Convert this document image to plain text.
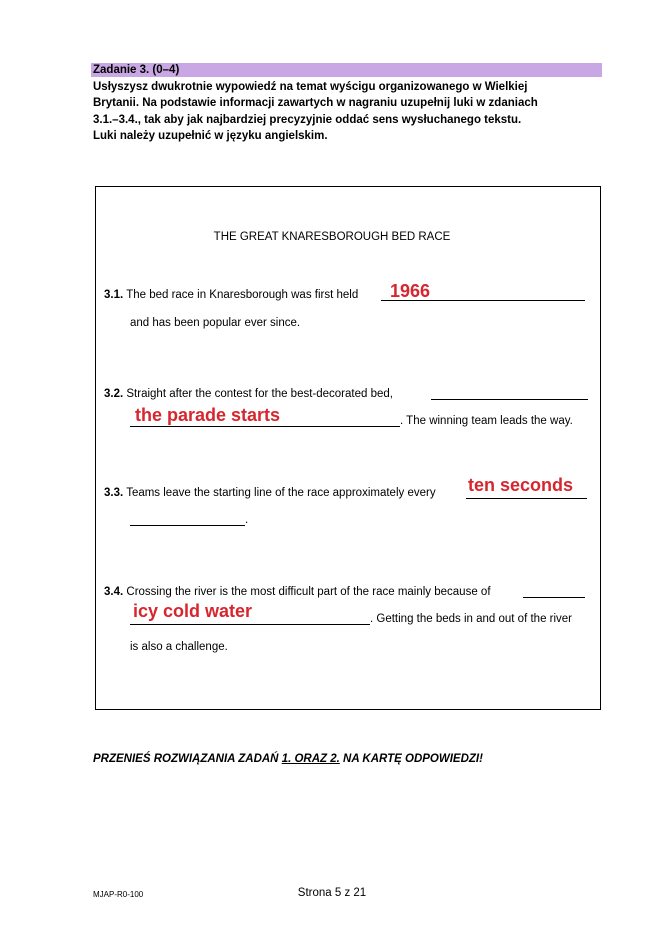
Zadanie 3. (0–4)
Usłyszysz dwukrotnie wypowiedź na temat wyścigu organizowanego w Wielkiej
Brytanii. Na podstawie informacji zawartych w nagraniu uzupełnij luki w zdaniach
3.1.–3.4., tak aby jak najbardziej precyzyjnie oddać sens wysłuchanego tekstu.
Luki należy uzupełnić w języku angielskim.
THE GREAT KNARESBOROUGH BED RACE
3.1. The bed race in Knaresborough was first held 1966
and has been popular ever since.
3.2. Straight after the contest for the best-decorated bed,
the parade starts	. The winning team leads the way.
3.3. Teams leave the starting line of the race approximately every ten seconds
.
3.4. Crossing the river is the most difficult part of the race mainly because of
icy cold water	. Getting the beds in and out of the river
is also a challenge.
PRZENIEŚ ROZWIĄZANIA ZADAŃ 1. ORAZ 2. NA KARTĘ ODPOWIEDZI!
MJAP-R0-100	Strona 5 z 21
